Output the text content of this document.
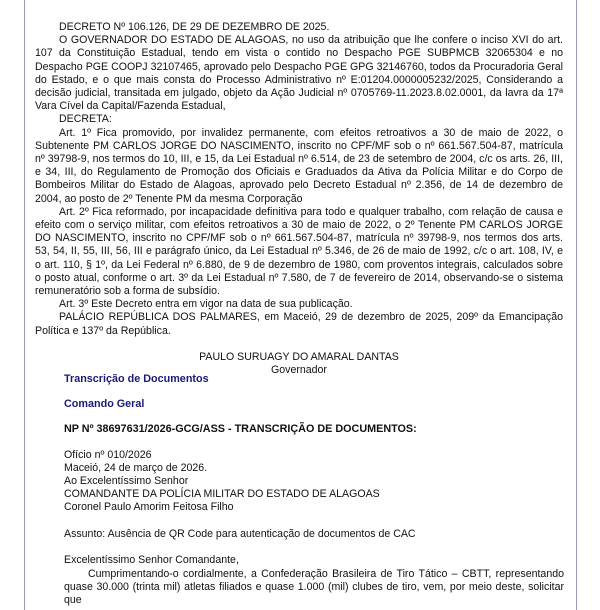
DECRETO Nº 106.126, DE 29 DE DEZEMBRO DE 2025.

O GOVERNADOR DO ESTADO DE ALAGOAS, no uso da atribuição que lhe confere o inciso XVI do art. 107 da Constituição Estadual, tendo em vista o contido no Despacho PGE SUBPMCB 32065304 e no Despacho PGE COOPJ 32107465, aprovado pelo Despacho PGE GPG 32146760, todos da Procuradoria Geral do Estado, e o que mais consta do Processo Administrativo nº E:01204.0000005232/2025, Considerando a decisão judicial, transitada em julgado, objeto da Ação Judicial nº 0705769-11.2023.8.02.0001, da lavra da 17ª Vara Cível da Capital/Fazenda Estadual,

DECRETA:

Art. 1º Fica promovido, por invalidez permanente, com efeitos retroativos a 30 de maio de 2022, o Subtenente PM CARLOS JORGE DO NASCIMENTO, inscrito no CPF/MF sob o nº 661.567.504-87, matrícula nº 39798-9, nos termos do 10, III, e 15, da Lei Estadual nº 6.514, de 23 de setembro de 2004, c/c os arts. 26, III, e 34, III, do Regulamento de Promoção dos Oficiais e Graduados da Ativa da Polícia Militar e do Corpo de Bombeiros Militar do Estado de Alagoas, aprovado pelo Decreto Estadual nº 2.356, de 14 de dezembro de 2004, ao posto de 2º Tenente PM da mesma Corporação

Art. 2º Fica reformado, por incapacidade definitiva para todo e qualquer trabalho, com relação de causa e efeito com o serviço militar, com efeitos retroativos a 30 de maio de 2022, o 2º Tenente PM CARLOS JORGE DO NASCIMENTO, inscrito no CPF/MF sob o nº 661.567.504-87, matrícula nº 39798-9, nos termos dos arts. 53, 54, II, 55, III, 56, III e parágrafo único, da Lei Estadual nº 5.346, de 26 de maio de 1992, c/c o art. 108, IV, e o art. 110, § 1º, da Lei Federal nº 6.880, de 9 de dezembro de 1980, com proventos integrais, calculados sobre o posto atual, conforme o art. 3º da Lei Estadual nº 7.580, de 7 de fevereiro de 2014, observando-se o sistema remuneratório sob a forma de subsídio.

Art. 3º Este Decreto entra em vigor na data de sua publicação.

PALÁCIO REPÚBLICA DOS PALMARES, em Maceió, 29 de dezembro de 2025, 209º da Emancipação Política e 137º da República.

PAULO SURUAGY DO AMARAL DANTAS

Governador

Transcrição de Documentos

Comando Geral

NP Nº 38697631/2026-GCG/ASS - TRANSCRIÇÃO DE DOCUMENTOS:

Ofício nº 010/2026

Maceió, 24 de março de 2026.

Ao Excelentíssimo Senhor

COMANDANTE DA POLÍCIA MILITAR DO ESTADO DE ALAGOAS

Coronel Paulo Amorim Feitosa Filho

Assunto: Ausência de QR Code para autenticação de documentos de CAC

Excelentíssimo Senhor Comandante,

Cumprimentando-o cordialmente, a Confederação Brasileira de Tiro Tático – CBTT, representando quase 30.000 (trinta mil) atletas filiados e quase 1.000 (mil) clubes de tiro, vem, por meio deste, solicitar que
